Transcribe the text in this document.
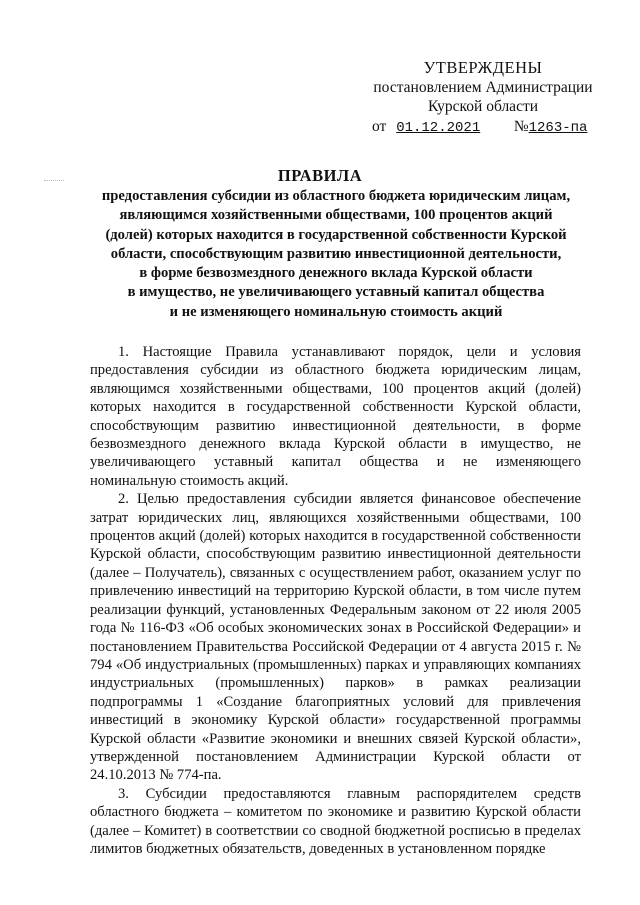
УТВЕРЖДЕНЫ
постановлением Администрации
Курской области
от 01.12.2021 №1263-па
ПРАВИЛА
предоставления субсидии из областного бюджета юридическим лицам,
являющимся хозяйственными обществами, 100 процентов акций
(долей) которых находится в государственной собственности Курской
области, способствующим развитию инвестиционной деятельности,
в форме безвозмездного денежного вклада Курской области
в имущество, не увеличивающего уставный капитал общества
и не изменяющего номинальную стоимость акций

1. Настоящие Правила устанавливают порядок, цели и условия предоставления субсидии из областного бюджета юридическим лицам, являющимся хозяйственными обществами, 100 процентов акций (долей) которых находится в государственной собственности Курской области, способствующим развитию инвестиционной деятельности, в форме безвозмездного денежного вклада Курской области в имущество, не увеличивающего уставный капитал общества и не изменяющего номинальную стоимость акций.

2. Целью предоставления субсидии является финансовое обеспечение затрат юридических лиц, являющихся хозяйственными обществами, 100 процентов акций (долей) которых находится в государственной собственности Курской области, способствующим развитию инвестиционной деятельности (далее – Получатель), связанных с осуществлением работ, оказанием услуг по привлечению инвестиций на территорию Курской области, в том числе путем реализации функций, установленных Федеральным законом от 22 июля 2005 года № 116-ФЗ «Об особых экономических зонах в Российской Федерации» и постановлением Правительства Российской Федерации от 4 августа 2015 г. № 794 «Об индустриальных (промышленных) парках и управляющих компаниях индустриальных (промышленных) парков» в рамках реализации подпрограммы 1 «Создание благоприятных условий для привлечения инвестиций в экономику Курской области» государственной программы Курской области «Развитие экономики и внешних связей Курской области», утвержденной постановлением Администрации Курской области от 24.10.2013 № 774-па.

3. Субсидии предоставляются главным распорядителем средств областного бюджета – комитетом по экономике и развитию Курской области (далее – Комитет) в соответствии со сводной бюджетной росписью в пределах лимитов бюджетных обязательств, доведенных в установленном порядке
